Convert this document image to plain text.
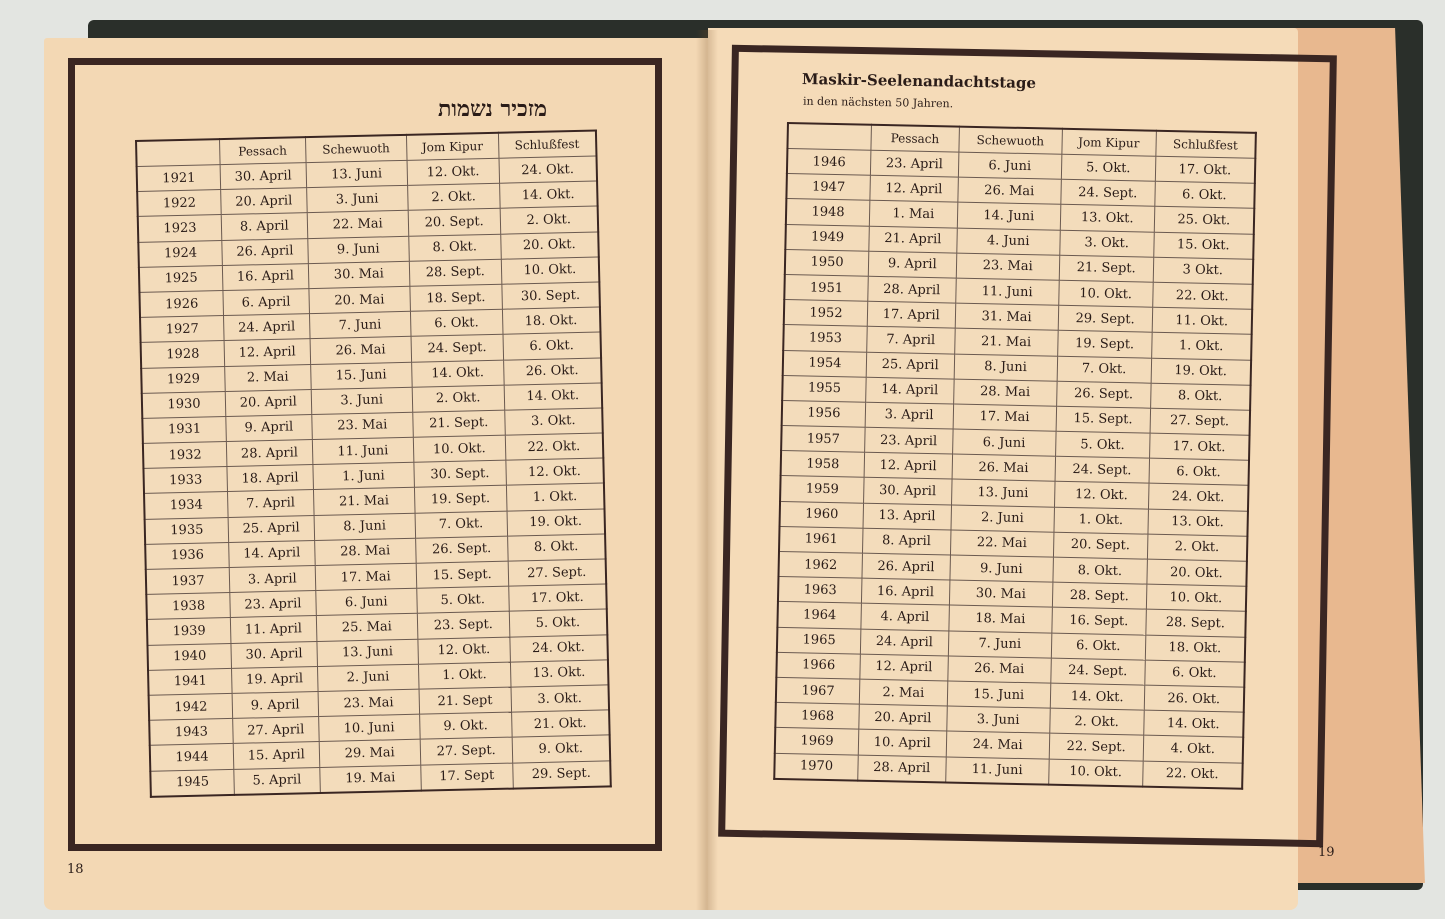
מזכיר נשמות
Maskir-Seelenandachtstage
in den nächsten 50 Jahren.
	Pessach	Schewuoth	Jom Kipur	Schlußfest
1921	30. April	13. Juni	12. Okt.	24. Okt.
1922	20. April	3. Juni	2. Okt.	14. Okt.
1923	8. April	22. Mai	20. Sept.	2. Okt.
1924	26. April	9. Juni	8. Okt.	20. Okt.
1925	16. April	30. Mai	28. Sept.	10. Okt.
1926	6. April	20. Mai	18. Sept.	30. Sept.
1927	24. April	7. Juni	6. Okt.	18. Okt.
1928	12. April	26. Mai	24. Sept.	6. Okt.
1929	2. Mai	15. Juni	14. Okt.	26. Okt.
1930	20. April	3. Juni	2. Okt.	14. Okt.
1931	9. April	23. Mai	21. Sept.	3. Okt.
1932	28. April	11. Juni	10. Okt.	22. Okt.
1933	18. April	1. Juni	30. Sept.	12. Okt.
1934	7. April	21. Mai	19. Sept.	1. Okt.
1935	25. April	8. Juni	7. Okt.	19. Okt.
1936	14. April	28. Mai	26. Sept.	8. Okt.
1937	3. April	17. Mai	15. Sept.	27. Sept.
1938	23. April	6. Juni	5. Okt.	17. Okt.
1939	11. April	25. Mai	23. Sept.	5. Okt.
1940	30. April	13. Juni	12. Okt.	24. Okt.
1941	19. April	2. Juni	1. Okt.	13. Okt.
1942	9. April	23. Mai	21. Sept	3. Okt.
1943	27. April	10. Juni	9. Okt.	21. Okt.
1944	15. April	29. Mai	27. Sept.	9. Okt.
1945	5. April	19. Mai	17. Sept	29. Sept.
	Pessach	Schewuoth	Jom Kipur	Schlußfest
1946	23. April	6. Juni	5. Okt.	17. Okt.
1947	12. April	26. Mai	24. Sept.	6. Okt.
1948	1. Mai	14. Juni	13. Okt.	25. Okt.
1949	21. April	4. Juni	3. Okt.	15. Okt.
1950	9. April	23. Mai	21. Sept.	3 Okt.
1951	28. April	11. Juni	10. Okt.	22. Okt.
1952	17. April	31. Mai	29. Sept.	11. Okt.
1953	7. April	21. Mai	19. Sept.	1. Okt.
1954	25. April	8. Juni	7. Okt.	19. Okt.
1955	14. April	28. Mai	26. Sept.	8. Okt.
1956	3. April	17. Mai	15. Sept.	27. Sept.
1957	23. April	6. Juni	5. Okt.	17. Okt.
1958	12. April	26. Mai	24. Sept.	6. Okt.
1959	30. April	13. Juni	12. Okt.	24. Okt.
1960	13. April	2. Juni	1. Okt.	13. Okt.
1961	8. April	22. Mai	20. Sept.	2. Okt.
1962	26. April	9. Juni	8. Okt.	20. Okt.
1963	16. April	30. Mai	28. Sept.	10. Okt.
1964	4. April	18. Mai	16. Sept.	28. Sept.
1965	24. April	7. Juni	6. Okt.	18. Okt.
1966	12. April	26. Mai	24. Sept.	6. Okt.
1967	2. Mai	15. Juni	14. Okt.	26. Okt.
1968	20. April	3. Juni	2. Okt.	14. Okt.
1969	10. April	24. Mai	22. Sept.	4. Okt.
1970	28. April	11. Juni	10. Okt.	22. Okt.
18
19
